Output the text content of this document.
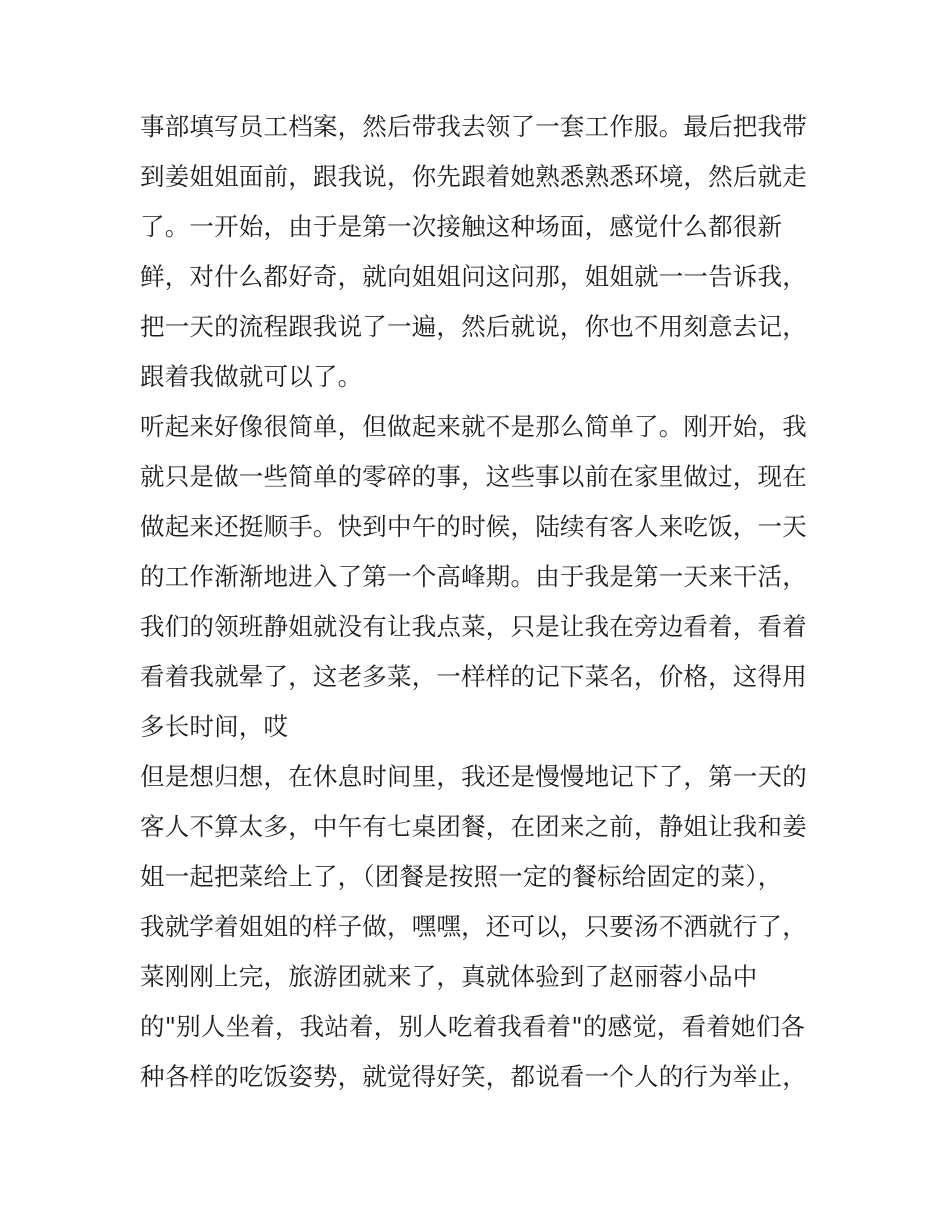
事部填写员工档案，然后带我去领了一套工作服。最后把我带
到姜姐姐面前，跟我说，你先跟着她熟悉熟悉环境，然后就走
了。一开始，由于是第一次接触这种场面，感觉什么都很新
鲜，对什么都好奇，就向姐姐问这问那，姐姐就一一告诉我，
把一天的流程跟我说了一遍，然后就说，你也不用刻意去记，
跟着我做就可以了。
听起来好像很简单，但做起来就不是那么简单了。刚开始，我
就只是做一些简单的零碎的事，这些事以前在家里做过，现在
做起来还挺顺手。快到中午的时候，陆续有客人来吃饭，一天
的工作渐渐地进入了第一个高峰期。由于我是第一天来干活，
我们的领班静姐就没有让我点菜，只是让我在旁边看着，看着
看着我就晕了，这老多菜，一样样的记下菜名，价格，这得用
多长时间，哎
但是想归想，在休息时间里，我还是慢慢地记下了，第一天的
客人不算太多，中午有七桌团餐，在团来之前，静姐让我和姜
姐一起把菜给上了，（团餐是按照一定的餐标给固定的菜），
我就学着姐姐的样子做，嘿嘿，还可以，只要汤不洒就行了，
菜刚刚上完，旅游团就来了，真就体验到了赵丽蓉小品中
的"别人坐着，我站着，别人吃着我看着"的感觉，看着她们各
种各样的吃饭姿势，就觉得好笑，都说看一个人的行为举止，
